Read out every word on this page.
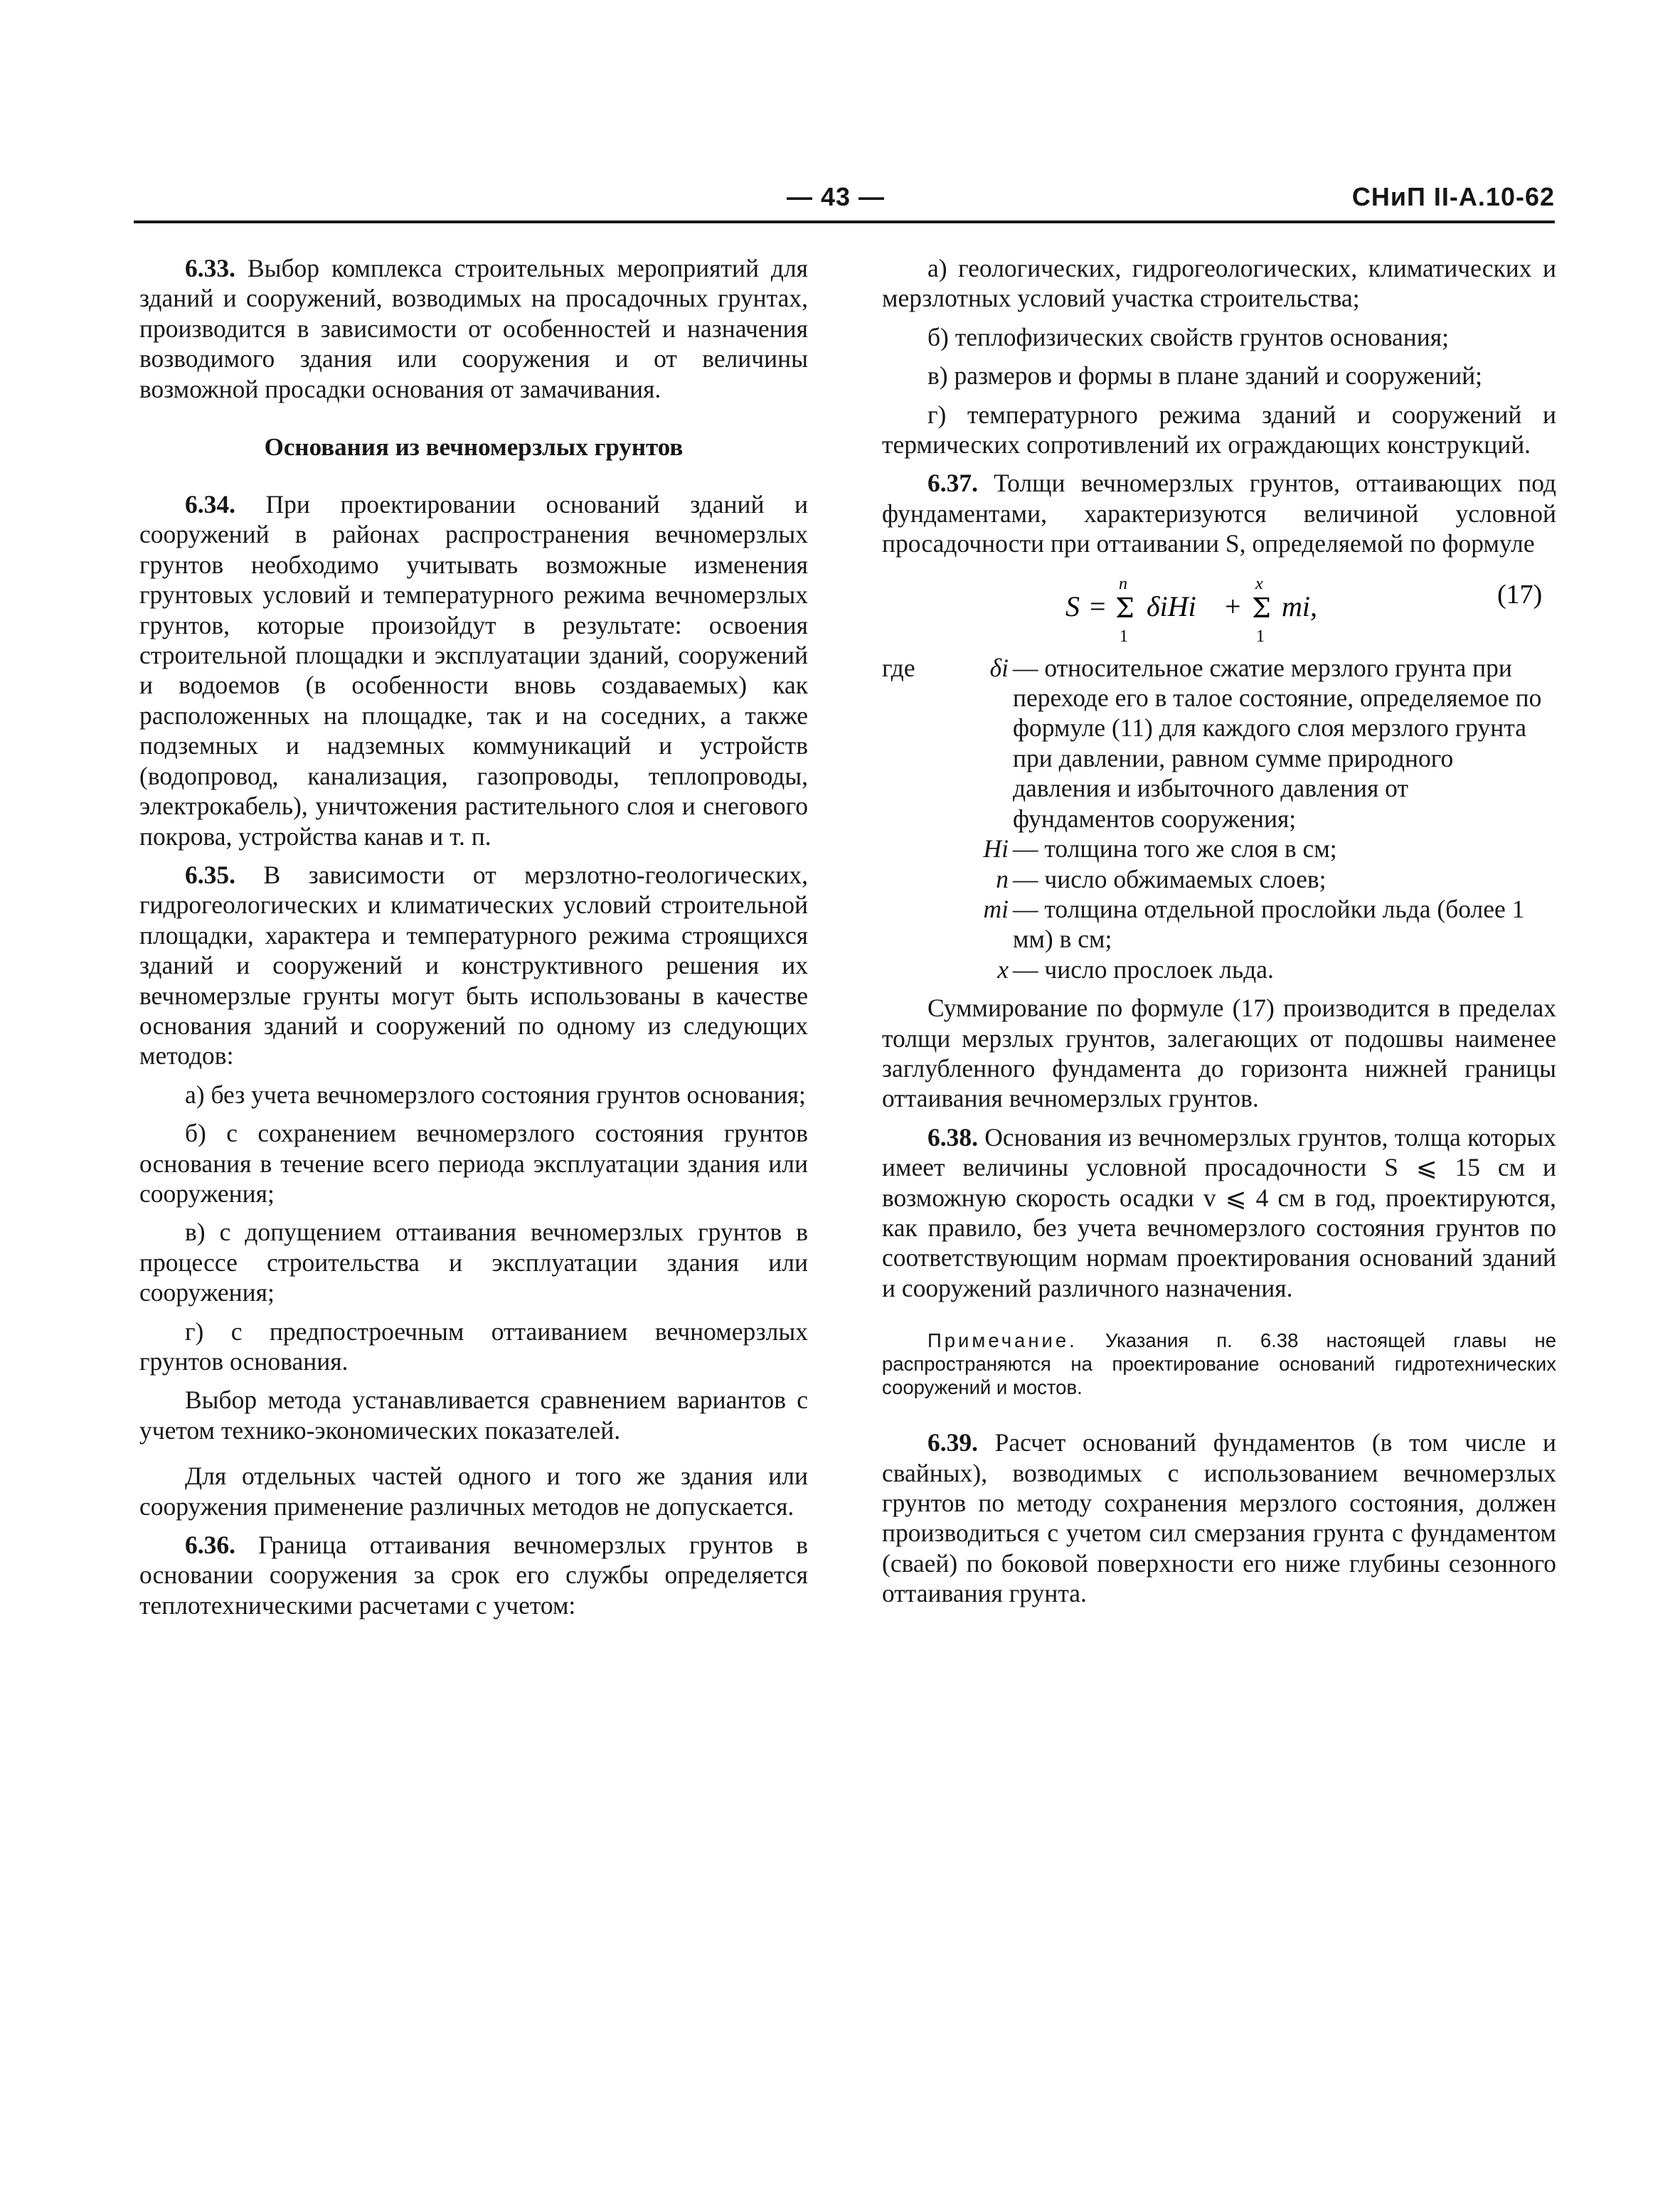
— 43 —	СНиП II-А.10-62

6.33. Выбор комплекса строительных мероприятий для зданий и сооружений, возводимых на просадочных грунтах, производится в зависимости от особенностей и назначения возводимого здания или сооружения и от величины возможной просадки основания от замачивания.

Основания из вечномерзлых грунтов

6.34. При проектировании оснований зданий и сооружений в районах распространения вечномерзлых грунтов необходимо учитывать возможные изменения грунтовых условий и температурного режима вечномерзлых грунтов, которые произойдут в результате: освоения строительной площадки и эксплуатации зданий, сооружений и водоемов (в особенности вновь создаваемых) как расположенных на площадке, так и на соседних, а также подземных и надземных коммуникаций и устройств (водопровод, канализация, газопроводы, теплопроводы, электрокабель), уничтожения растительного слоя и снегового покрова, устройства канав и т. п.

6.35. В зависимости от мерзлотно-геологических, гидрогеологических и климатических условий строительной площадки, характера и температурного режима строящихся зданий и сооружений и конструктивного решения их вечномерзлые грунты могут быть использованы в качестве основания зданий и сооружений по одному из следующих методов:

а) без учета вечномерзлого состояния грунтов основания;

б) с сохранением вечномерзлого состояния грунтов основания в течение всего периода эксплуатации здания или сооружения;

в) с допущением оттаивания вечномерзлых грунтов в процессе строительства и эксплуатации здания или сооружения;

г) с предпостроечным оттаиванием вечномерзлых грунтов основания.

Выбор метода устанавливается сравнением вариантов с учетом технико-экономических показателей.

Для отдельных частей одного и того же здания или сооружения применение различных методов не допускается.

6.36. Граница оттаивания вечномерзлых грунтов в основании сооружения за срок его службы определяется теплотехническими расчетами с учетом:

а) геологических, гидрогеологических, климатических и мерзлотных условий участка строительства;

б) теплофизических свойств грунтов основания;

в) размеров и формы в плане зданий и сооружений;

г) температурного режима зданий и сооружений и термических сопротивлений их ограждающих конструкций.

6.37. Толщи вечномерзлых грунтов, оттаивающих под фундаментами, характеризуются величиной условной просадочности при оттаивании S, определяемой по формуле

S =
n
Σ
1
δiHi +
x
Σ
1
mi,	(17)
где	δi — относительное сжатие мерзлого грунта при переходе его в талое состояние, определяемое по формуле (11) для каждого слоя мерзлого грунта при давлении, равном сумме природного давления и избыточного давления от фундаментов сооружения;
Hi — толщина того же слоя в см;
n — число обжимаемых слоев;
mi — толщина отдельной прослойки льда (более 1 мм) в см;
x — число прослоек льда.

Суммирование по формуле (17) производится в пределах толщи мерзлых грунтов, залегающих от подошвы наименее заглубленного фундамента до горизонта нижней границы оттаивания вечномерзлых грунтов.

6.38. Основания из вечномерзлых грунтов, толща которых имеет величины условной просадочности S ⩽ 15 см и возможную скорость осадки v ⩽ 4 см в год, проектируются, как правило, без учета вечномерзлого состояния грунтов по соответствующим нормам проектирования оснований зданий и сооружений различного назначения.

Примечание. Указания п. 6.38 настоящей главы не распространяются на проектирование оснований гидротехнических сооружений и мостов.

6.39. Расчет оснований фундаментов (в том числе и свайных), возводимых с использованием вечномерзлых грунтов по методу сохранения мерзлого состояния, должен производиться с учетом сил смерзания грунта с фундаментом (сваей) по боковой поверхности его ниже глубины сезонного оттаивания грунта.
